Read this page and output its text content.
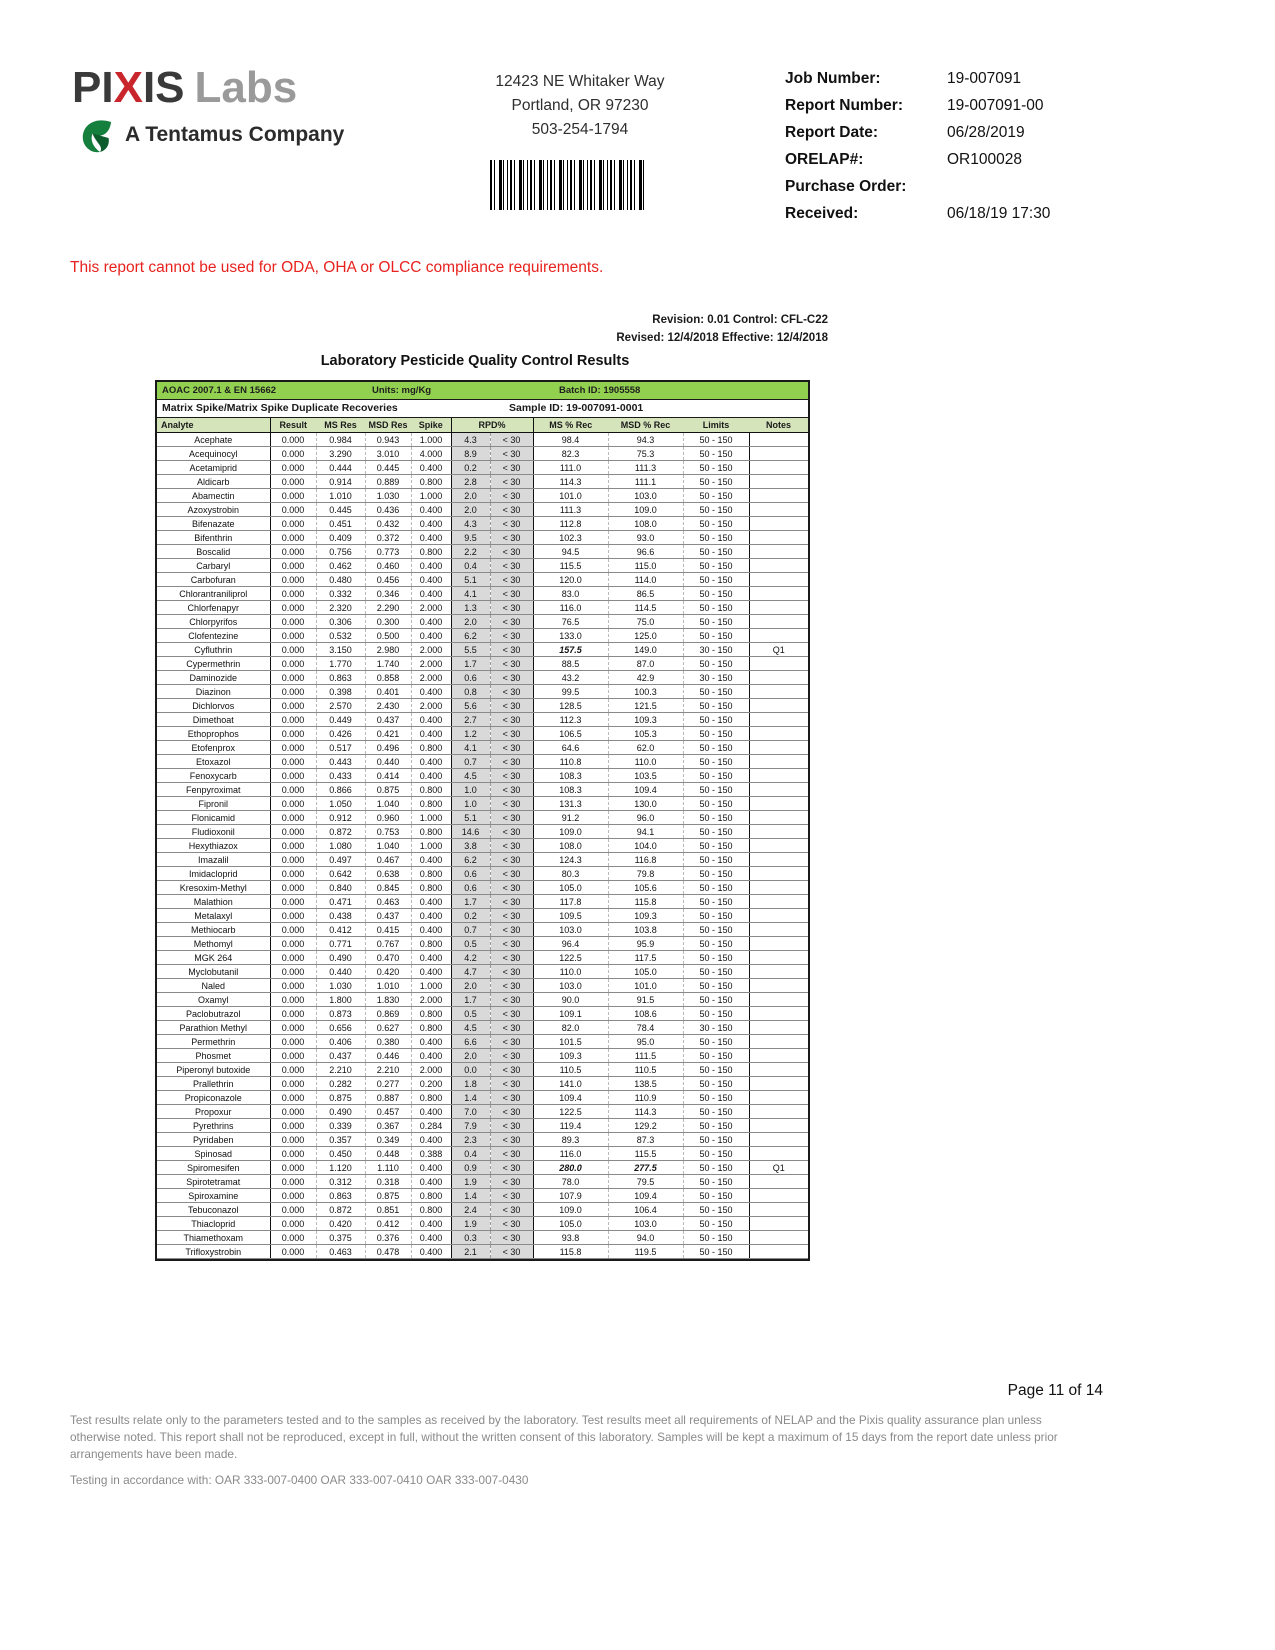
PIXIS Labs
A Tentamus Company
12423 NE Whitaker Way
Portland, OR 97230
503-254-1794
Job Number:	19-007091
Report Number:	19-007091-00
Report Date:	06/28/2019
ORELAP#:	OR100028
Purchase Order:
Received:	06/18/19 17:30
This report cannot be used for ODA, OHA or OLCC compliance requirements.
Revision: 0.01 Control: CFL-C22
Revised: 12/4/2018 Effective: 12/4/2018
Laboratory Pesticide Quality Control Results
AOAC 2007.1 & EN 15662	Units: mg/Kg	Batch ID: 1905558
Matrix Spike/Matrix Spike Duplicate Recoveries	Sample ID: 19-007091-0001
Analyte	Result	MS Res	MSD Res	Spike	RPD%		MS % Rec	MSD % Rec	Limits	Notes
Acephate	0.000	0.984	0.943	1.000	4.3	< 30	98.4	94.3	50 - 150	
Acequinocyl	0.000	3.290	3.010	4.000	8.9	< 30	82.3	75.3	50 - 150	
Acetamiprid	0.000	0.444	0.445	0.400	0.2	< 30	111.0	111.3	50 - 150	
Aldicarb	0.000	0.914	0.889	0.800	2.8	< 30	114.3	111.1	50 - 150	
Abamectin	0.000	1.010	1.030	1.000	2.0	< 30	101.0	103.0	50 - 150	
Azoxystrobin	0.000	0.445	0.436	0.400	2.0	< 30	111.3	109.0	50 - 150	
Bifenazate	0.000	0.451	0.432	0.400	4.3	< 30	112.8	108.0	50 - 150	
Bifenthrin	0.000	0.409	0.372	0.400	9.5	< 30	102.3	93.0	50 - 150	
Boscalid	0.000	0.756	0.773	0.800	2.2	< 30	94.5	96.6	50 - 150	
Carbaryl	0.000	0.462	0.460	0.400	0.4	< 30	115.5	115.0	50 - 150	
Carbofuran	0.000	0.480	0.456	0.400	5.1	< 30	120.0	114.0	50 - 150	
Chlorantraniliprol	0.000	0.332	0.346	0.400	4.1	< 30	83.0	86.5	50 - 150	
Chlorfenapyr	0.000	2.320	2.290	2.000	1.3	< 30	116.0	114.5	50 - 150	
Chlorpyrifos	0.000	0.306	0.300	0.400	2.0	< 30	76.5	75.0	50 - 150	
Clofentezine	0.000	0.532	0.500	0.400	6.2	< 30	133.0	125.0	50 - 150	
Cyfluthrin	0.000	3.150	2.980	2.000	5.5	< 30	157.5	149.0	30 - 150	Q1
Cypermethrin	0.000	1.770	1.740	2.000	1.7	< 30	88.5	87.0	50 - 150	
Daminozide	0.000	0.863	0.858	2.000	0.6	< 30	43.2	42.9	30 - 150	
Diazinon	0.000	0.398	0.401	0.400	0.8	< 30	99.5	100.3	50 - 150	
Dichlorvos	0.000	2.570	2.430	2.000	5.6	< 30	128.5	121.5	50 - 150	
Dimethoat	0.000	0.449	0.437	0.400	2.7	< 30	112.3	109.3	50 - 150	
Ethoprophos	0.000	0.426	0.421	0.400	1.2	< 30	106.5	105.3	50 - 150	
Etofenprox	0.000	0.517	0.496	0.800	4.1	< 30	64.6	62.0	50 - 150	
Etoxazol	0.000	0.443	0.440	0.400	0.7	< 30	110.8	110.0	50 - 150	
Fenoxycarb	0.000	0.433	0.414	0.400	4.5	< 30	108.3	103.5	50 - 150	
Fenpyroximat	0.000	0.866	0.875	0.800	1.0	< 30	108.3	109.4	50 - 150	
Fipronil	0.000	1.050	1.040	0.800	1.0	< 30	131.3	130.0	50 - 150	
Flonicamid	0.000	0.912	0.960	1.000	5.1	< 30	91.2	96.0	50 - 150	
Fludioxonil	0.000	0.872	0.753	0.800	14.6	< 30	109.0	94.1	50 - 150	
Hexythiazox	0.000	1.080	1.040	1.000	3.8	< 30	108.0	104.0	50 - 150	
Imazalil	0.000	0.497	0.467	0.400	6.2	< 30	124.3	116.8	50 - 150	
Imidacloprid	0.000	0.642	0.638	0.800	0.6	< 30	80.3	79.8	50 - 150	
Kresoxim-Methyl	0.000	0.840	0.845	0.800	0.6	< 30	105.0	105.6	50 - 150	
Malathion	0.000	0.471	0.463	0.400	1.7	< 30	117.8	115.8	50 - 150	
Metalaxyl	0.000	0.438	0.437	0.400	0.2	< 30	109.5	109.3	50 - 150	
Methiocarb	0.000	0.412	0.415	0.400	0.7	< 30	103.0	103.8	50 - 150	
Methomyl	0.000	0.771	0.767	0.800	0.5	< 30	96.4	95.9	50 - 150	
MGK 264	0.000	0.490	0.470	0.400	4.2	< 30	122.5	117.5	50 - 150	
Myclobutanil	0.000	0.440	0.420	0.400	4.7	< 30	110.0	105.0	50 - 150	
Naled	0.000	1.030	1.010	1.000	2.0	< 30	103.0	101.0	50 - 150	
Oxamyl	0.000	1.800	1.830	2.000	1.7	< 30	90.0	91.5	50 - 150	
Paclobutrazol	0.000	0.873	0.869	0.800	0.5	< 30	109.1	108.6	50 - 150	
Parathion Methyl	0.000	0.656	0.627	0.800	4.5	< 30	82.0	78.4	30 - 150	
Permethrin	0.000	0.406	0.380	0.400	6.6	< 30	101.5	95.0	50 - 150	
Phosmet	0.000	0.437	0.446	0.400	2.0	< 30	109.3	111.5	50 - 150	
Piperonyl butoxide	0.000	2.210	2.210	2.000	0.0	< 30	110.5	110.5	50 - 150	
Prallethrin	0.000	0.282	0.277	0.200	1.8	< 30	141.0	138.5	50 - 150	
Propiconazole	0.000	0.875	0.887	0.800	1.4	< 30	109.4	110.9	50 - 150	
Propoxur	0.000	0.490	0.457	0.400	7.0	< 30	122.5	114.3	50 - 150	
Pyrethrins	0.000	0.339	0.367	0.284	7.9	< 30	119.4	129.2	50 - 150	
Pyridaben	0.000	0.357	0.349	0.400	2.3	< 30	89.3	87.3	50 - 150	
Spinosad	0.000	0.450	0.448	0.388	0.4	< 30	116.0	115.5	50 - 150	
Spiromesifen	0.000	1.120	1.110	0.400	0.9	< 30	280.0	277.5	50 - 150	Q1
Spirotetramat	0.000	0.312	0.318	0.400	1.9	< 30	78.0	79.5	50 - 150	
Spiroxamine	0.000	0.863	0.875	0.800	1.4	< 30	107.9	109.4	50 - 150	
Tebuconazol	0.000	0.872	0.851	0.800	2.4	< 30	109.0	106.4	50 - 150	
Thiacloprid	0.000	0.420	0.412	0.400	1.9	< 30	105.0	103.0	50 - 150	
Thiamethoxam	0.000	0.375	0.376	0.400	0.3	< 30	93.8	94.0	50 - 150	
Trifloxystrobin	0.000	0.463	0.478	0.400	2.1	< 30	115.8	119.5	50 - 150	
Page 11 of 14
Test results relate only to the parameters tested and to the samples as received by the laboratory. Test results meet all requirements of NELAP and the Pixis quality assurance plan unless otherwise noted. This report shall not be reproduced, except in full, without the written consent of this laboratory. Samples will be kept a maximum of 15 days from the report date unless prior arrangements have been made.
Testing in accordance with: OAR 333-007-0400 OAR 333-007-0410 OAR 333-007-0430
